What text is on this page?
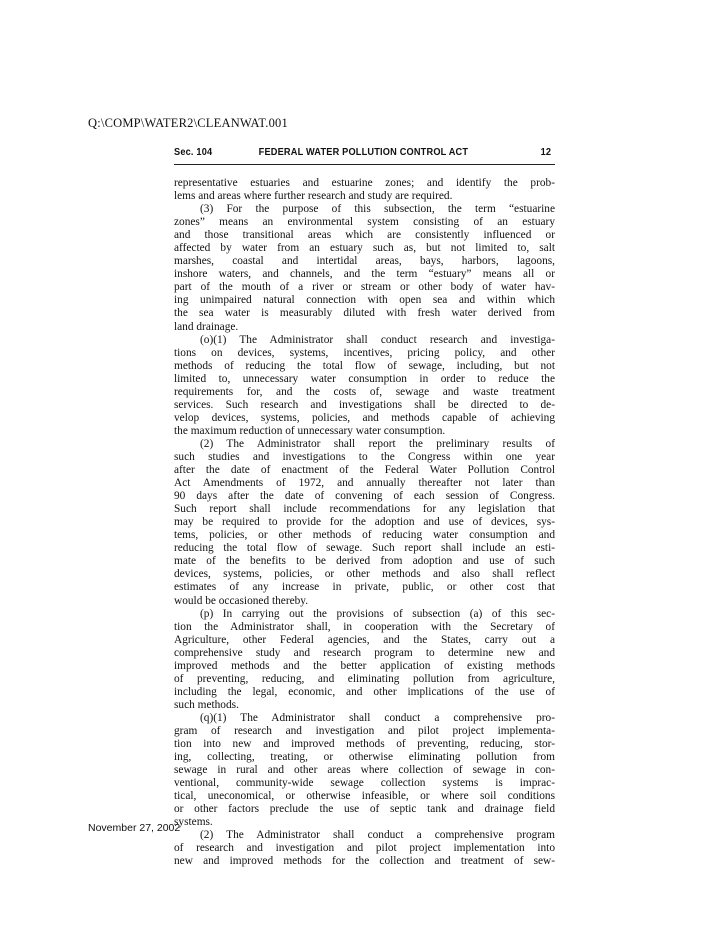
Q:\COMP\WATER2\CLEANWAT.001
Sec. 104	FEDERAL WATER POLLUTION CONTROL ACT	12
representative estuaries and estuarine zones; and identify the prob-
lems and areas where further research and study are required.
(3) For the purpose of this subsection, the term “estuarine
zones” means an environmental system consisting of an estuary
and those transitional areas which are consistently influenced or
affected by water from an estuary such as, but not limited to, salt
marshes, coastal and intertidal areas, bays, harbors, lagoons,
inshore waters, and channels, and the term “estuary” means all or
part of the mouth of a river or stream or other body of water hav-
ing unimpaired natural connection with open sea and within which
the sea water is measurably diluted with fresh water derived from
land drainage.
(o)(1) The Administrator shall conduct research and investiga-
tions on devices, systems, incentives, pricing policy, and other
methods of reducing the total flow of sewage, including, but not
limited to, unnecessary water consumption in order to reduce the
requirements for, and the costs of, sewage and waste treatment
services. Such research and investigations shall be directed to de-
velop devices, systems, policies, and methods capable of achieving
the maximum reduction of unnecessary water consumption.
(2) The Administrator shall report the preliminary results of
such studies and investigations to the Congress within one year
after the date of enactment of the Federal Water Pollution Control
Act Amendments of 1972, and annually thereafter not later than
90 days after the date of convening of each session of Congress.
Such report shall include recommendations for any legislation that
may be required to provide for the adoption and use of devices, sys-
tems, policies, or other methods of reducing water consumption and
reducing the total flow of sewage. Such report shall include an esti-
mate of the benefits to be derived from adoption and use of such
devices, systems, policies, or other methods and also shall reflect
estimates of any increase in private, public, or other cost that
would be occasioned thereby.
(p) In carrying out the provisions of subsection (a) of this sec-
tion the Administrator shall, in cooperation with the Secretary of
Agriculture, other Federal agencies, and the States, carry out a
comprehensive study and research program to determine new and
improved methods and the better application of existing methods
of preventing, reducing, and eliminating pollution from agriculture,
including the legal, economic, and other implications of the use of
such methods.
(q)(1) The Administrator shall conduct a comprehensive pro-
gram of research and investigation and pilot project implementa-
tion into new and improved methods of preventing, reducing, stor-
ing, collecting, treating, or otherwise eliminating pollution from
sewage in rural and other areas where collection of sewage in con-
ventional, community-wide sewage collection systems is imprac-
tical, uneconomical, or otherwise infeasible, or where soil conditions
or other factors preclude the use of septic tank and drainage field
systems.
(2) The Administrator shall conduct a comprehensive program
of research and investigation and pilot project implementation into
new and improved methods for the collection and treatment of sew-
November 27, 2002
